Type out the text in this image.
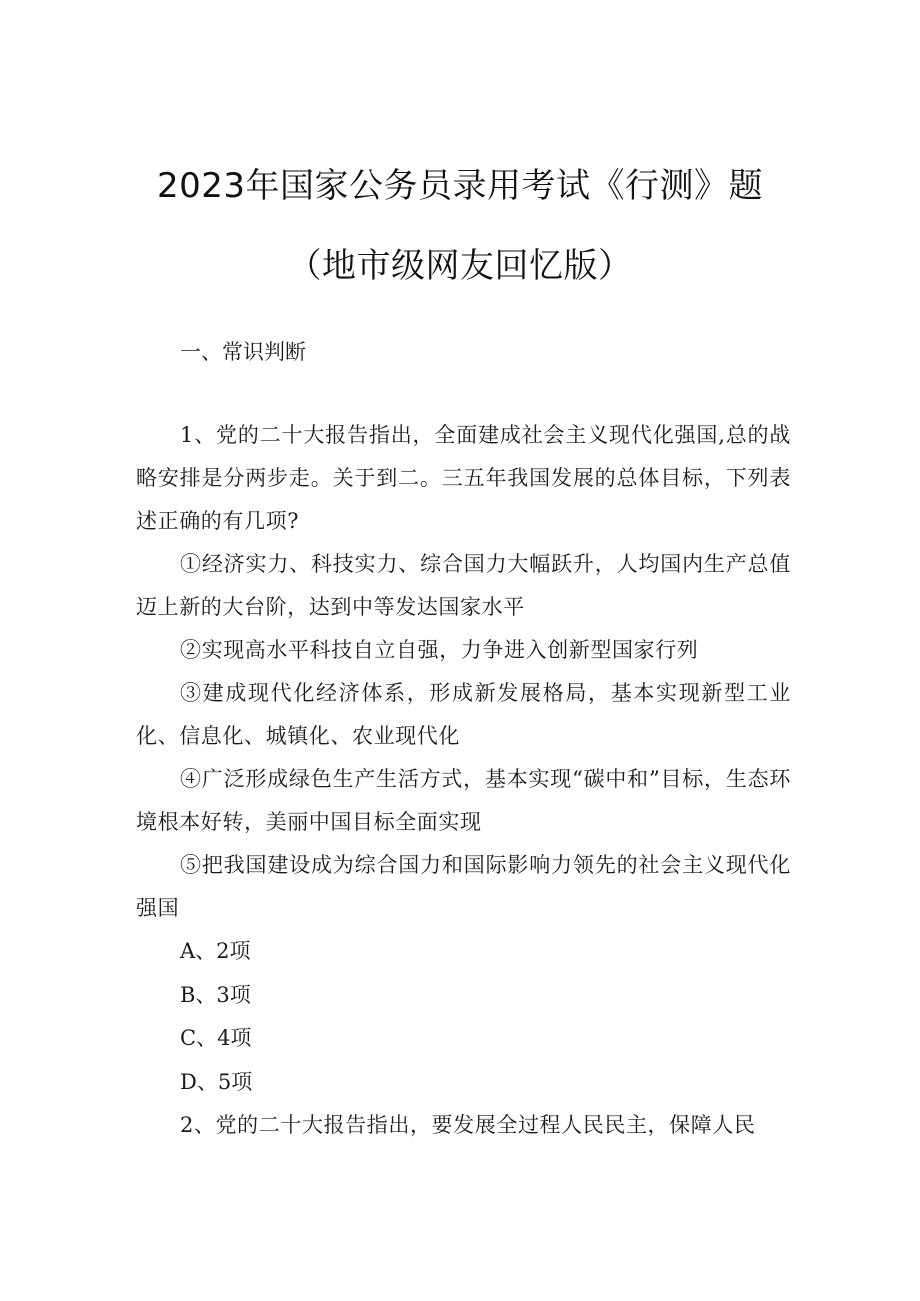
2023年国家公务员录用考试《行测》题
（地市级网友回忆版）
一、常识判断

1、党的二十大报告指出，全面建成社会主义现代化强国,总的战略安排是分两步走。关于到二。三五年我国发展的总体目标，下列表述正确的有几项?

①经济实力、科技实力、综合国力大幅跃升，人均国内生产总值迈上新的大台阶，达到中等发达国家水平

②实现高水平科技自立自强，力争进入创新型国家行列

③建成现代化经济体系，形成新发展格局，基本实现新型工业化、信息化、城镇化、农业现代化

④广泛形成绿色生产生活方式，基本实现“碳中和”目标，生态环境根本好转，美丽中国目标全面实现

⑤把我国建设成为综合国力和国际影响力领先的社会主义现代化强国

A、2项

B、3项

C、4项

D、5项

2、党的二十大报告指出，要发展全过程人民民主，保障人民
